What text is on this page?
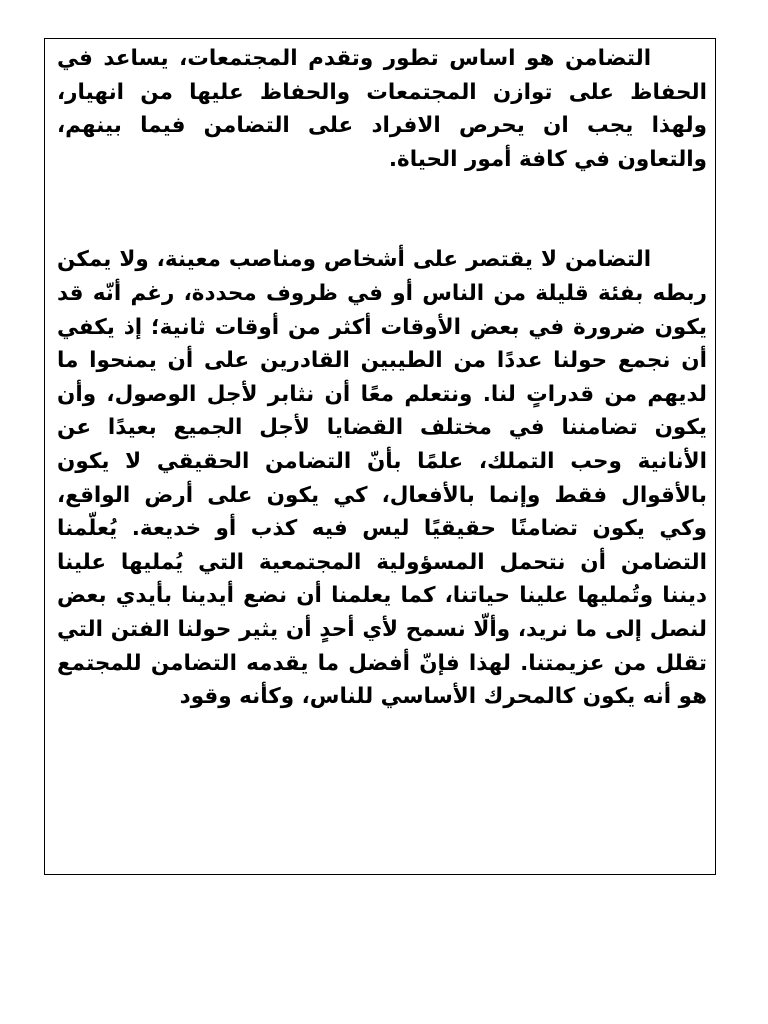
التضامن هو اساس تطور وتقدم المجتمعات، يساعد في الحفاظ على توازن المجتمعات والحفاظ عليها من انهيار، ولهذا يجب ان يحرص الافراد على التضامن فيما بينهم، والتعاون في كافة أمور الحياة.

التضامن لا يقتصر على أشخاص ومناصب معينة، ولا يمكن ربطه بفئة قليلة من الناس أو في ظروف محددة، رغم أنّه قد يكون ضرورة في بعض الأوقات أكثر من أوقات ثانية؛ إذ يكفي أن نجمع حولنا عددًا من الطيبين القادرين على أن يمنحوا ما لديهم من قدراتٍ لنا. ونتعلم معًا أن نثابر لأجل الوصول، وأن يكون تضامننا في مختلف القضايا لأجل الجميع بعيدًا عن الأنانية وحب التملك، علمًا بأنّ التضامن الحقيقي لا يكون بالأقوال فقط وإنما بالأفعال، كي يكون على أرض الواقع، وكي يكون تضامنًا حقيقيًا ليس فيه كذب أو خديعة. يُعلّمنا التضامن أن نتحمل المسؤولية المجتمعية التي يُمليها علينا ديننا وتُمليها علينا حياتنا، كما يعلمنا أن نضع أيدينا بأيدي بعض لنصل إلى ما نريد، وألّا نسمح لأي أحدٍ أن يثير حولنا الفتن التي تقلل من عزيمتنا. لهذا فإنّ أفضل ما يقدمه التضامن للمجتمع هو أنه يكون كالمحرك الأساسي للناس، وكأنه وقود
